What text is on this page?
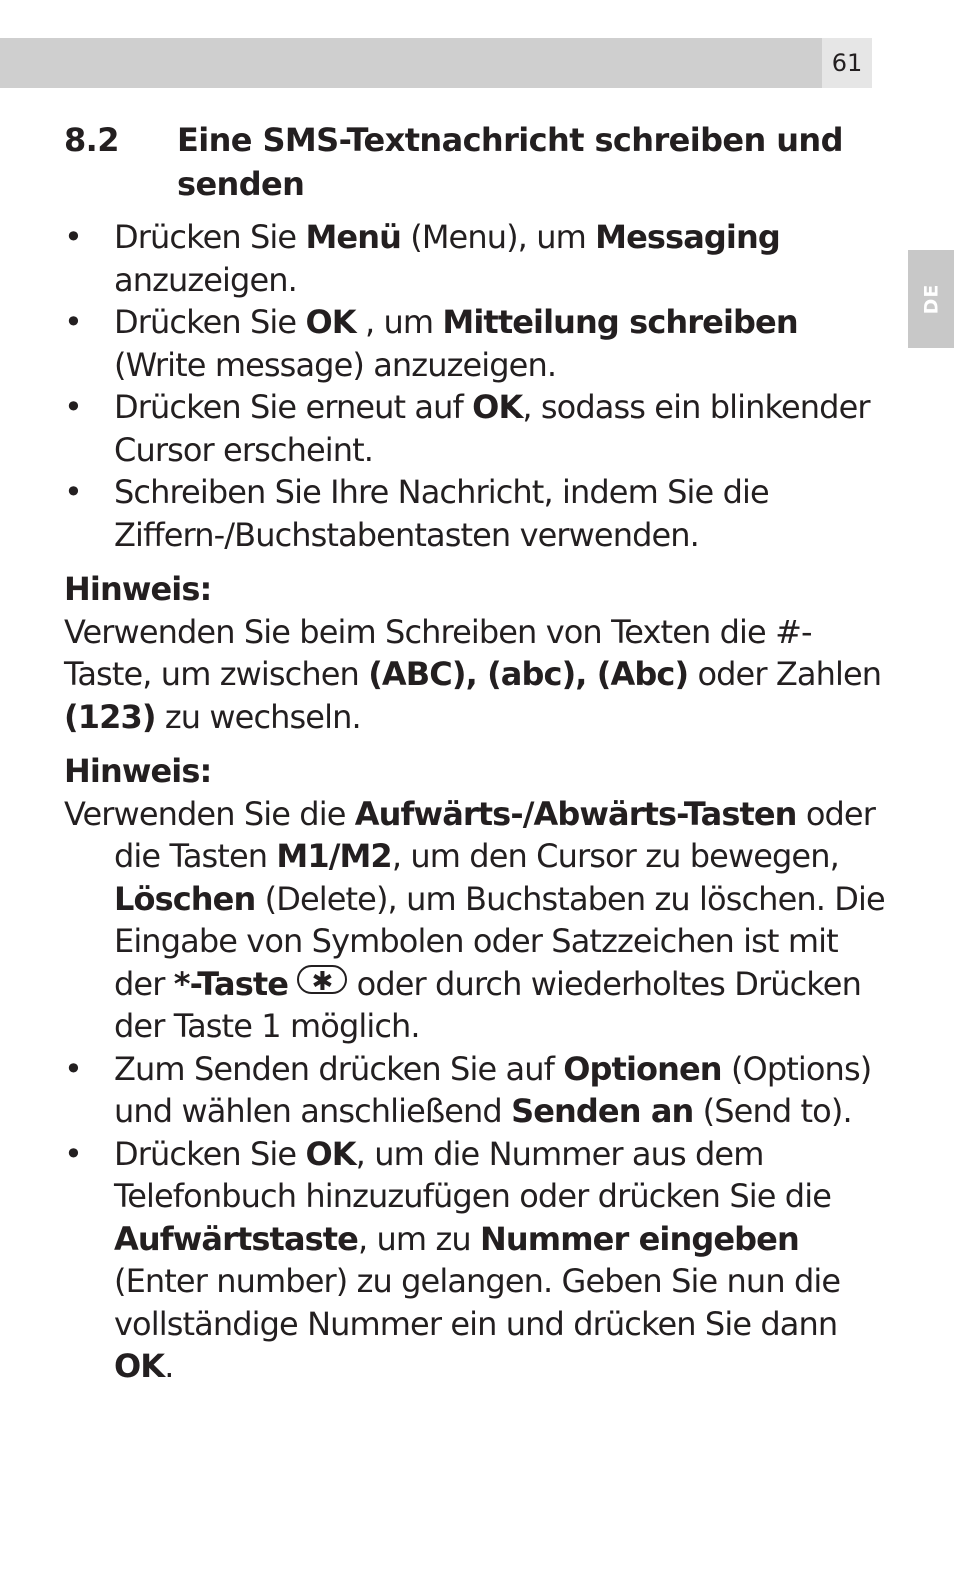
61
DE
8.2 Eine SMS-Textnachricht schreiben und senden
• Drücken Sie Menü (Menu), um Messaging anzuzeigen.
• Drücken Sie OK , um Mitteilung schreiben (Write message) anzuzeigen.
• Drücken Sie erneut auf OK, sodass ein blinkender Cursor erscheint.
• Schreiben Sie Ihre Nachricht, indem Sie die Ziffern-/Buchstabentasten verwenden.
Hinweis:

Verwenden Sie beim Schreiben von Texten die #-Taste, um zwischen (ABC), (abc), (Abc) oder Zahlen (123) zu wechseln.

Hinweis:

Verwenden Sie die Aufwärts-/Abwärts-Tasten oder die Tasten M1/M2, um den Cursor zu bewegen, Löschen (Delete), um Buchstaben zu löschen. Die Eingabe von Symbolen oder Satzzeichen ist mit der *-Taste ✱ oder durch wiederholtes Drücken der Taste 1 möglich.

• Zum Senden drücken Sie auf Optionen (Options) und wählen anschließend Senden an (Send to).
• Drücken Sie OK, um die Nummer aus dem Telefonbuch hinzuzufügen oder drücken Sie die Aufwärtstaste, um zu Nummer eingeben (Enter number) zu gelangen. Geben Sie nun die vollständige Nummer ein und drücken Sie dann OK.
